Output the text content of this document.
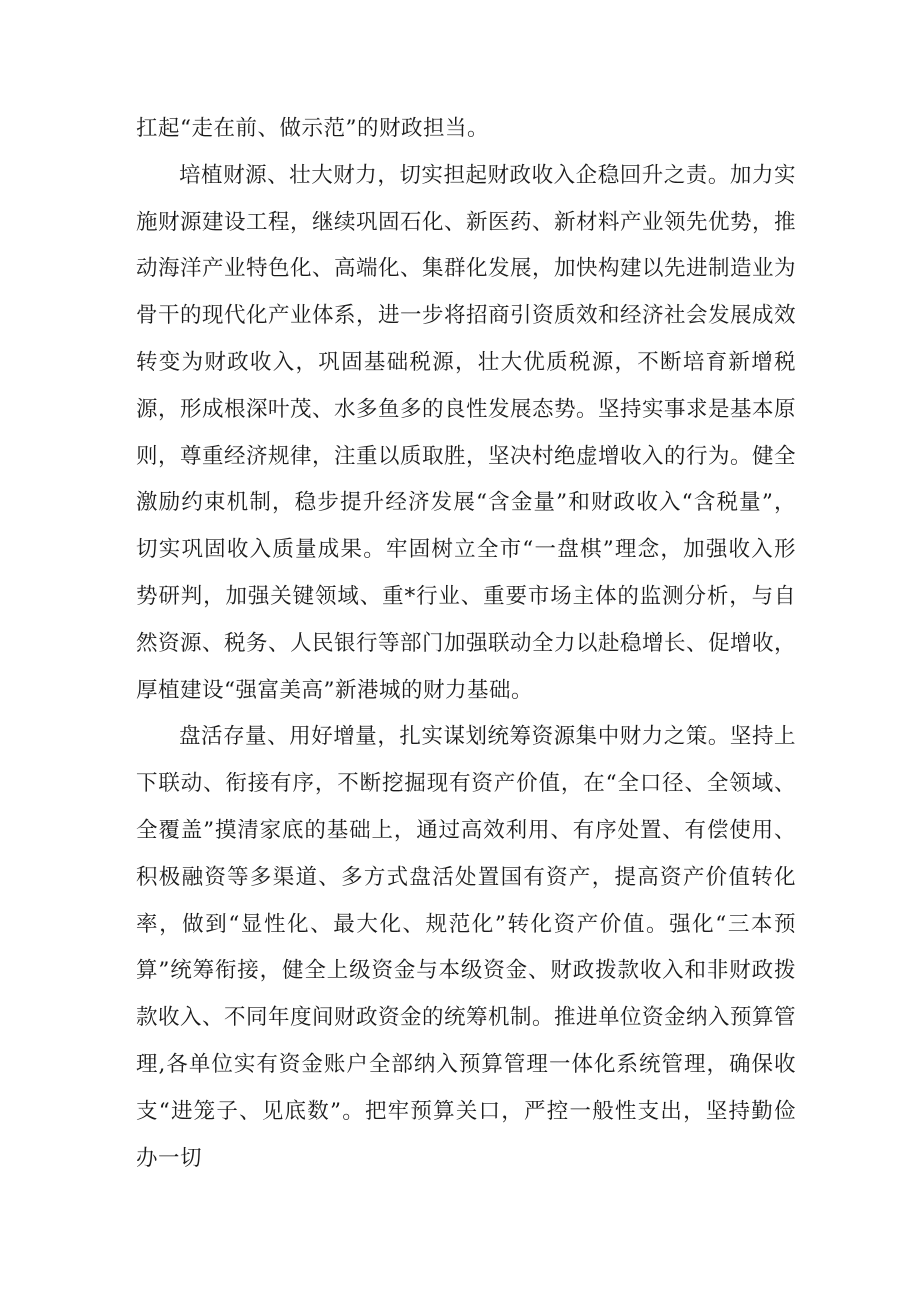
扛起“走在前、做示范”的财政担当。

培植财源、壮大财力，切实担起财政收入企稳回升之责。加力实施财源建设工程，继续巩固石化、新医药、新材料产业领先优势，推动海洋产业特色化、高端化、集群化发展，加快构建以先进制造业为骨干的现代化产业体系，进一步将招商引资质效和经济社会发展成效转变为财政收入，巩固基础税源，壮大优质税源，不断培育新增税源，形成根深叶茂、水多鱼多的良性发展态势。坚持实事求是基本原则，尊重经济规律，注重以质取胜，坚决村绝虚增收入的行为。健全激励约束机制，稳步提升经济发展“含金量”和财政收入“含税量”，切实巩固收入质量成果。牢固树立全市“一盘棋”理念，加强收入形势研判，加强关键领域、重*行业、重要市场主体的监测分析，与自然资源、税务、人民银行等部门加强联动全力以赴稳增长、促增收，厚植建设“强富美高”新港城的财力基础。

盘活存量、用好增量，扎实谋划统筹资源集中财力之策。坚持上下联动、衔接有序，不断挖掘现有资产价值，在“全口径、全领域、全覆盖”摸清家底的基础上，通过高效利用、有序处置、有偿使用、积极融资等多渠道、多方式盘活处置国有资产，提高资产价值转化率，做到“显性化、最大化、规范化”转化资产价值。强化“三本预算”统筹衔接，健全上级资金与本级资金、财政拨款收入和非财政拨款收入、不同年度间财政资金的统筹机制。推进单位资金纳入预算管理,各单位实有资金账户全部纳入预算管理一体化系统管理，确保收支“进笼子、见底数”。把牢预算关口，严控一般性支出，坚持勤俭办一切
